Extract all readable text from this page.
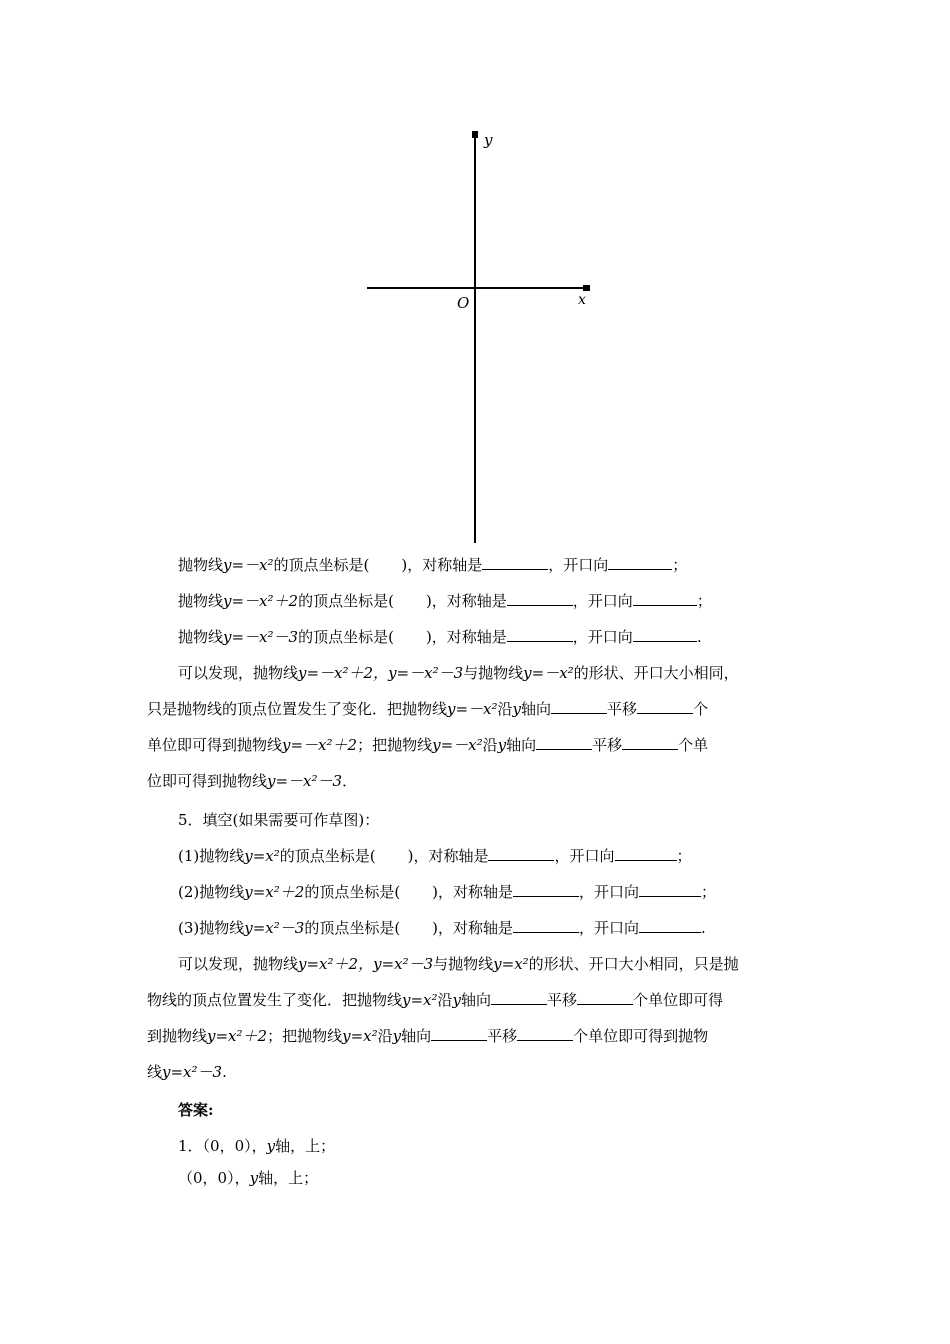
y
x
O
抛物线y=－x²的顶点坐标是( )，对称轴是	，开口向	；
抛物线y=－x²＋2的顶点坐标是( )，对称轴是	，开口向	；
抛物线y=－x²－3的顶点坐标是( )，对称轴是	，开口向	.
可以发现，抛物线y=－x²＋2，y=－x²－3与抛物线y=－x²的形状、开口大小相同，
只是抛物线的顶点位置发生了变化．把抛物线y=－x²沿y轴向	平移	个
单位即可得到抛物线y=－x²＋2；把抛物线y=－x²沿y轴向	平移	个单
位即可得到抛物线y=－x²－3．
5．填空(如果需要可作草图)：
(1)抛物线y=x²的顶点坐标是( )，对称轴是	，开口向	；
(2)抛物线y=x²＋2的顶点坐标是( )，对称轴是	，开口向	；
(3)抛物线y=x²－3的顶点坐标是( )，对称轴是	，开口向	.
可以发现，抛物线y=x²＋2，y=x²－3与抛物线y=x²的形状、开口大小相同，只是抛
物线的顶点位置发生了变化．把抛物线y=x²沿y轴向	平移	个单位即可得
到抛物线y=x²＋2；把抛物线y=x²沿y轴向	平移	个单位即可得到抛物
线y=x²－3.
答案:
1．（0，0），y轴，上；
（0，0），y轴，上；
